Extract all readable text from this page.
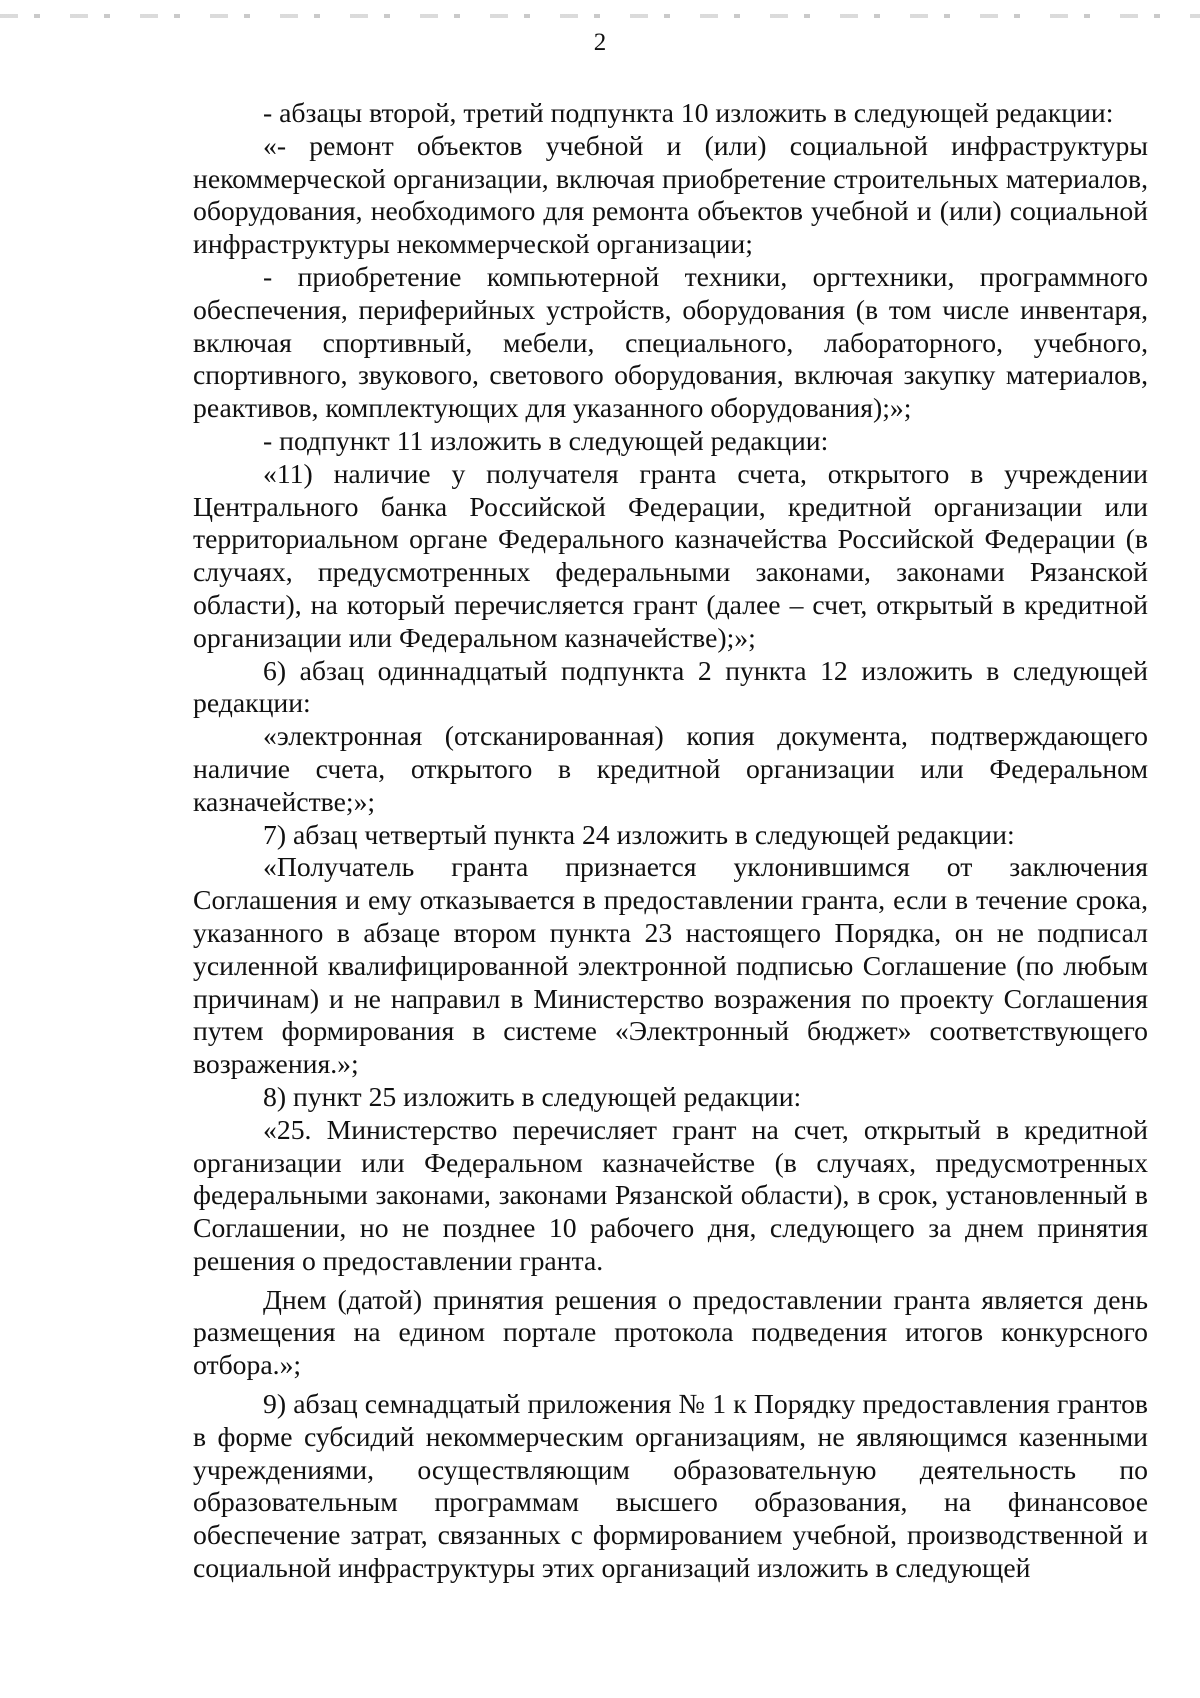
2

- абзацы второй, третий подпункта 10 изложить в следующей редакции:

«- ремонт объектов учебной и (или) социальной инфраструктуры некоммерческой организации, включая приобретение строительных материалов, оборудования, необходимого для ремонта объектов учебной и (или) социальной инфраструктуры некоммерческой организации;

- приобретение компьютерной техники, оргтехники, программного обеспечения, периферийных устройств, оборудования (в том числе инвентаря, включая спортивный, мебели, специального, лабораторного, учебного, спортивного, звукового, светового оборудования, включая закупку материалов, реактивов, комплектующих для указанного оборудования);»;

- подпункт 11 изложить в следующей редакции:

«11) наличие у получателя гранта счета, открытого в учреждении Центрального банка Российской Федерации, кредитной организации или территориальном органе Федерального казначейства Российской Федерации (в случаях, предусмотренных федеральными законами, законами Рязанской области), на который перечисляется грант (далее – счет, открытый в кредитной организации или Федеральном казначействе);»;

6) абзац одиннадцатый подпункта 2 пункта 12 изложить в следующей редакции:

«электронная (отсканированная) копия документа, подтверждающего наличие счета, открытого в кредитной организации или Федеральном казначействе;»;

7) абзац четвертый пункта 24 изложить в следующей редакции:

«Получатель гранта признается уклонившимся от заключения Соглашения и ему отказывается в предоставлении гранта, если в течение срока, указанного в абзаце втором пункта 23 настоящего Порядка, он не подписал усиленной квалифицированной электронной подписью Соглашение (по любым причинам) и не направил в Министерство возражения по проекту Соглашения путем формирования в системе «Электронный бюджет» соответствующего возражения.»;

8) пункт 25 изложить в следующей редакции:

«25. Министерство перечисляет грант на счет, открытый в кредитной организации или Федеральном казначействе (в случаях, предусмотренных федеральными законами, законами Рязанской области), в срок, установленный в Соглашении, но не позднее 10 рабочего дня, следующего за днем принятия решения о предоставлении гранта.

Днем (датой) принятия решения о предоставлении гранта является день размещения на едином портале протокола подведения итогов конкурсного отбора.»;

9) абзац семнадцатый приложения № 1 к Порядку предоставления грантов в форме субсидий некоммерческим организациям, не являющимся казенными учреждениями, осуществляющим образовательную деятельность по образовательным программам высшего образования, на финансовое обеспечение затрат, связанных с формированием учебной, производственной и социальной инфраструктуры этих организаций изложить в следующей
